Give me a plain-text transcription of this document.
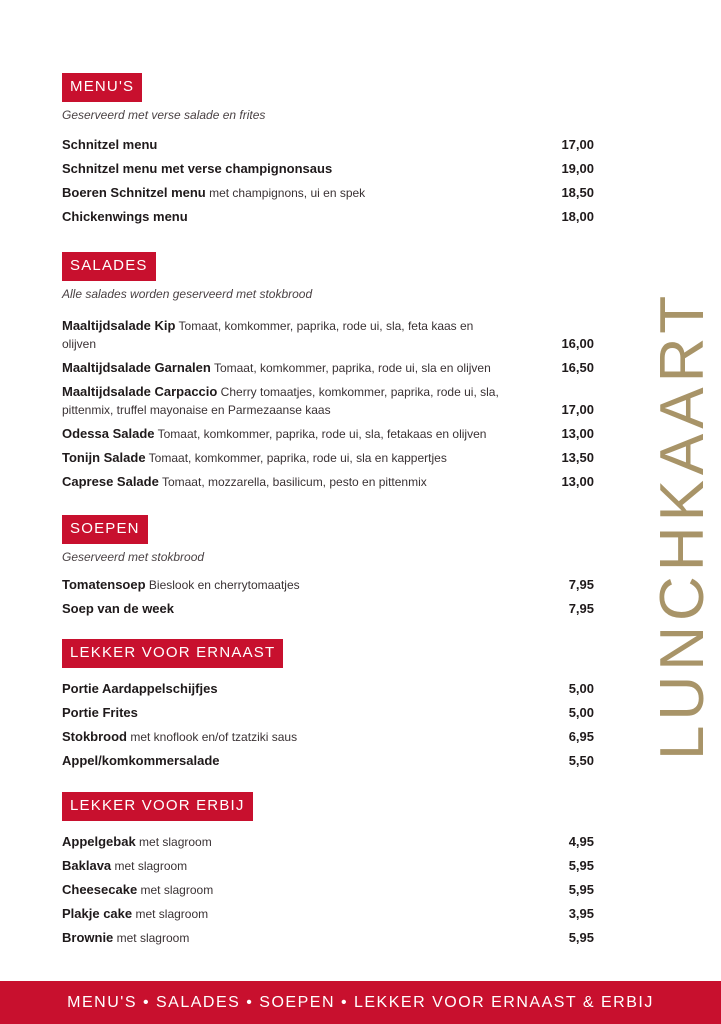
MENU'S
Geserveerd met verse salade en frites
Schnitzel menu	17,00
Schnitzel menu met verse champignonsaus	19,00
Boeren Schnitzel menu met champignons, ui en spek	18,50
Chickenwings menu	18,00
SALADES
Alle salades worden geserveerd met stokbrood
Maaltijdsalade Kip Tomaat, komkommer, paprika, rode ui, sla, feta kaas en olijven	16,00
Maaltijdsalade Garnalen Tomaat, komkommer, paprika, rode ui, sla en olijven	16,50
Maaltijdsalade Carpaccio Cherry tomaatjes, komkommer, paprika, rode ui, sla, pittenmix, truffel mayonaise en Parmezaanse kaas	17,00
Odessa Salade Tomaat, komkommer, paprika, rode ui, sla, fetakaas en olijven	13,00
Tonijn Salade Tomaat, komkommer, paprika, rode ui, sla en kappertjes	13,50
Caprese Salade Tomaat, mozzarella, basilicum, pesto en pittenmix	13,00
SOEPEN
Geserveerd met stokbrood
Tomatensoep Bieslook en cherrytomaatjes	7,95
Soep van de week	7,95
LEKKER VOOR ERNAAST
Portie Aardappelschijfjes	5,00
Portie Frites	5,00
Stokbrood met knoflook en/of tzatziki saus	6,95
Appel/komkommersalade	5,50
LEKKER VOOR ERBIJ
Appelgebak met slagroom	4,95
Baklava met slagroom	5,95
Cheesecake met slagroom	5,95
Plakje cake met slagroom	3,95
Brownie met slagroom	5,95
LUNCHKAART
MENU'S • SALADES • SOEPEN • LEKKER VOOR ERNAAST & ERBIJ
